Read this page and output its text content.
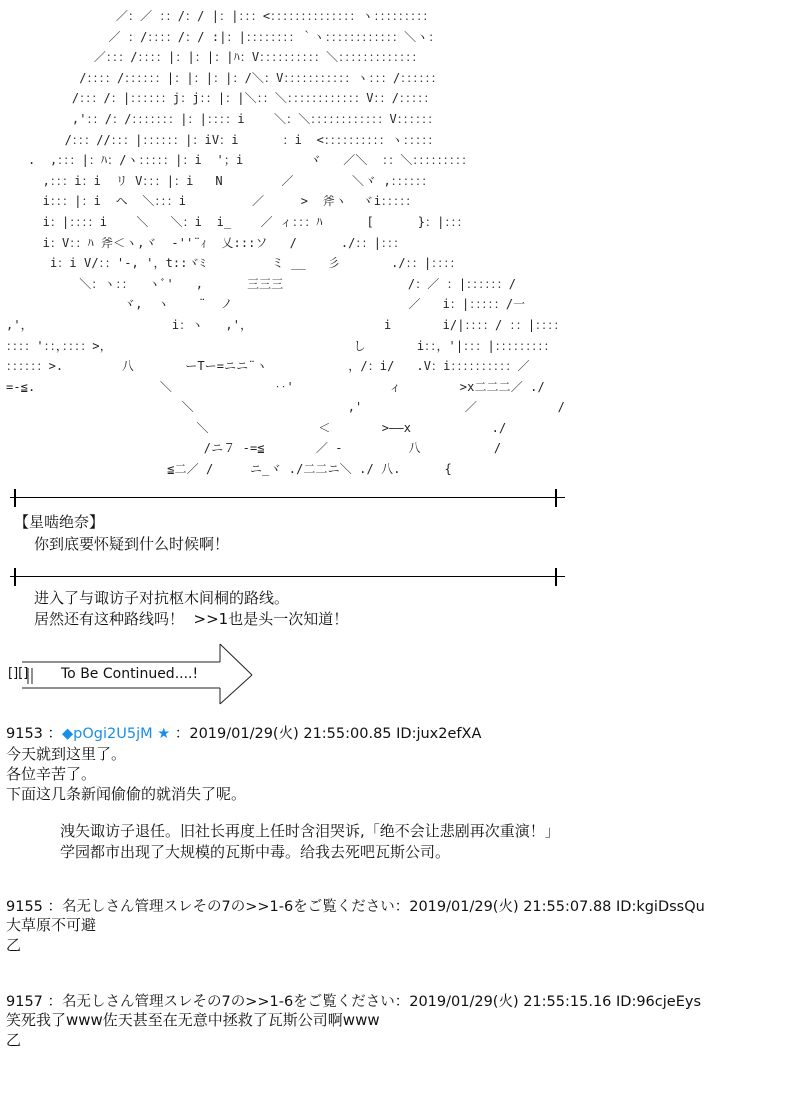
／：／ ：：/：/ |：|：：：<：：：：：：：：：：：：：：ヽ：：：：：：：：：
／ ：/：：：：/：/ :|：|：：：：：：：：｀ヽ：：：：：：：：：：：：＼ヽ：
／：：：/：：：：|：|：|：|ﾊ：V：：：：：：：：：：＼：：：：：：：：：：：：：
/：：：：/：：：：：：|：|：|：|：/＼：V：：：：：：：：：：：ヽ：：：/：：：：：：
/：：：/：|：：：：：：j：j：：|：|＼：：＼：：：：：：：：：：：：V：：/：：：：：
,'：：/：/：：：：：：：|：|：：：：i    ＼：＼：：：：：：：：：：：：V：：：：：：
/：：：//：：：|：：：：：：|：iV：i      ：i  <：：：：：：：：：：ヽ：：：：：
.  ,：：：|：ﾊ：/ヽ：：：：：|：i  '；i         ヾ   ／＼  ：：＼：：：：：：：：：
,：：：i：i  リ V：：：|：i   N        ／        ＼ヾ ,：：：：：：
i：：：|：i  ヘ  ＼：：：i         ／     >  斧ヽ  ヾi：：：：：
i：|：：：：i    ＼   ＼：i  i_    ／ ィ：：：ﾊ      [      }：|：：：
i：V：：ﾊ 斧＜ヽ,ヾ  -''¨ｨ  乂:::ソ   /      ./：：|：：：
i：i V/：：'-, '，t::ヾﾐ         ミ __   彡       ./：：|：：：：
＼：ヽ：：  ヽﾞ'   ,      三三三                 /：／ ：|：：：：：：/
ヾ,  ヽ    ¨  ノ                        ／   i：|：：：：：/一
,'，                   i：ヽ   ,'，                  i       i/|：：：：/ ：：|：：：：
：：：：'：：，：：：：>，                                 し       i：：，'|：：：|：：：：：：：：：
：：：：：：>.        八       ーTー=ニニ¨ヽ           ，/：i/   .V：i：：：：：：：：：：／
=-≦.                 ＼              ‥'             ィ        >x二二二／ ./
＼                     ,'              ／           /
＼               ＜       >――x           ./
/ニ７ -=≦       ／ -         八          /
≦二／ /     ニ_ヾ ./二二ニ＼ ./ 八.      {
【星啮绝奈】
你到底要怀疑到什么时候啊！
进入了与诹访子对抗枢木间桐的路线。
居然还有这种路线吗！  >>1也是头一次知道！
[][] To Be Continued....!
9153 ：◆pOgi2U5jM ★ ：2019/01/29(火) 21:55:00.85 ID:jux2efXA
今天就到这里了。
各位辛苦了。
下面这几条新闻偷偷的就消失了呢。
洩矢诹访子退任。旧社长再度上任时含泪哭诉,「绝不会让悲剧再次重演！」
学园都市出现了大规模的瓦斯中毒。给我去死吧瓦斯公司。
9155 ：名无しさん管理スレその7の>>1-6をご覧ください：2019/01/29(火) 21:55:07.88 ID:kgiDssQu
大草原不可避
乙
9157 ：名无しさん管理スレその7の>>1-6をご覧ください：2019/01/29(火) 21:55:15.16 ID:96cjeEys
笑死我了www佐天甚至在无意中拯救了瓦斯公司啊www
乙
